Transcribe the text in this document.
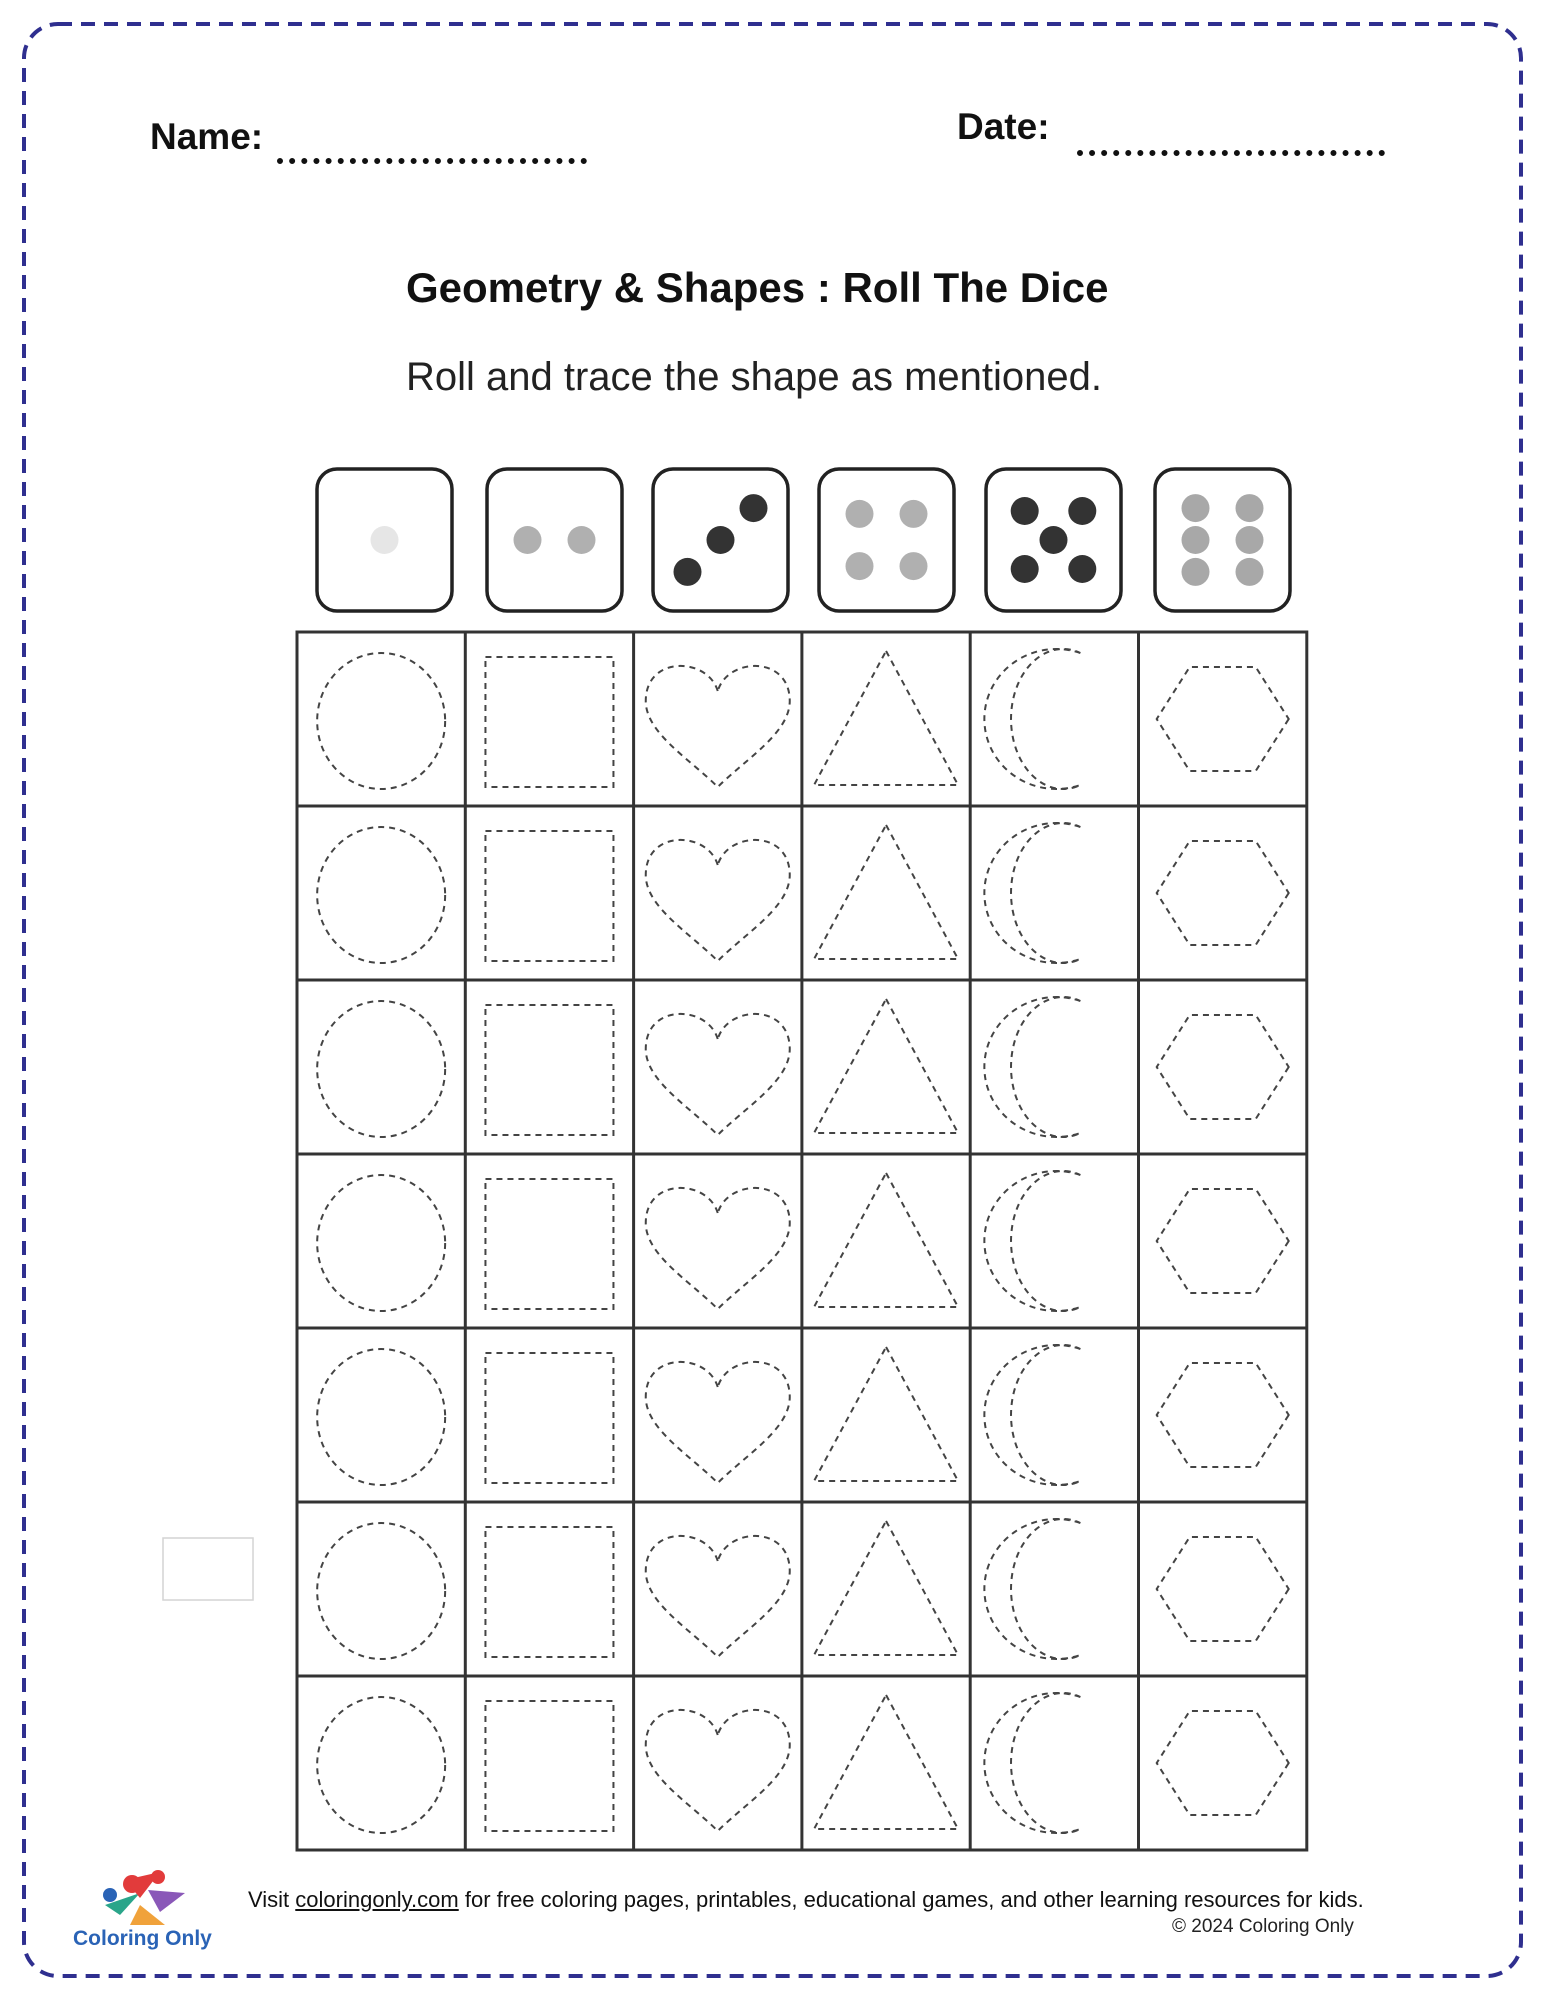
Name:	Date:
Geometry & Shapes : Roll The Dice
Roll and trace the shape as mentioned.
Coloring Only
Visit coloringonly.com for free coloring pages, printables, educational games, and other learning resources for kids.
© 2024 Coloring Only
